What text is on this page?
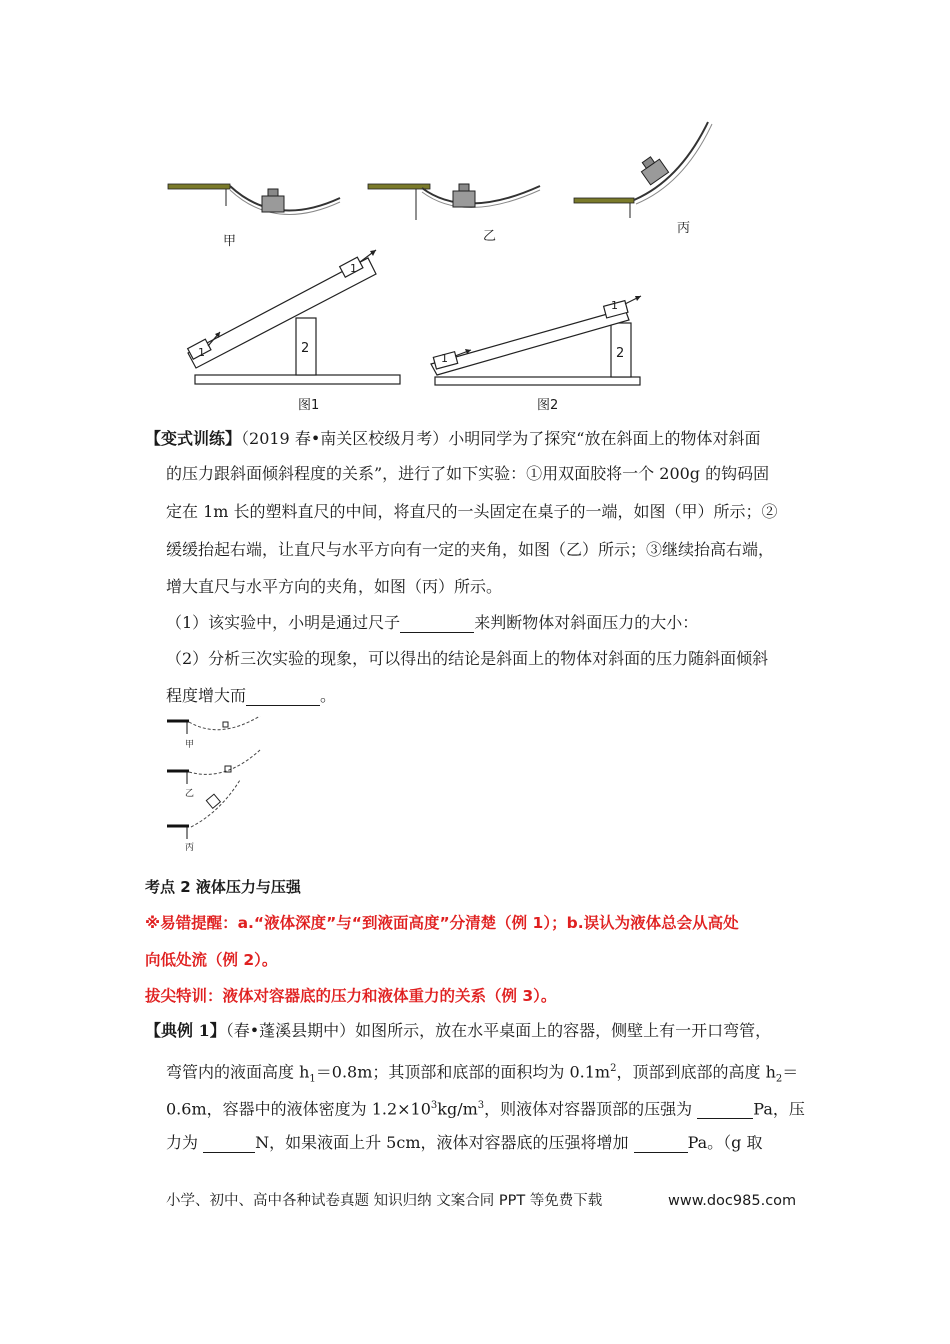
甲	乙
丙
1
1
2
图1
1
1
2
图2
【变式训练】（2019 春•南关区校级月考）小明同学为了探究“放在斜面上的物体对斜面
的压力跟斜面倾斜程度的关系”，进行了如下实验：①用双面胶将一个 200g 的钩码固
定在 1m 长的塑料直尺的中间，将直尺的一头固定在桌子的一端，如图（甲）所示；②
缓缓抬起右端，让直尺与水平方向有一定的夹角，如图（乙）所示；③继续抬高右端，
增大直尺与水平方向的夹角，如图（丙）所示。
（1）该实验中，小明是通过尺子	来判断物体对斜面压力的大小：
（2）分析三次实验的现象，可以得出的结论是斜面上的物体对斜面的压力随斜面倾斜
程度增大而	。
甲
乙
丙
考点 2 液体压力与压强
※易错提醒：a.“液体深度”与“到液面高度”分清楚（例 1）；b.误认为液体总会从高处
向低处流（例 2）。
拔尖特训：液体对容器底的压力和液体重力的关系（例 3）。
【典例 1】（春•蓬溪县期中）如图所示，放在水平桌面上的容器，侧壁上有一开口弯管，
弯管内的液面高度 $h_1=0.8m$；其顶部和底部的面积均为 $0.1m^2$，顶部到底部的高度 $h_2=$
0.6m，容器中的液体密度为 $1.2\times 10^3kg/m^3$，则液体对容器顶部的压强为	Pa，压
力为	N，如果液面上升 5cm，液体对容器底的压强将增加	Pa。（g 取
小学、初中、高中各种试卷真题 知识归纳 文案合同 PPT 等免费下载	www.doc985.com
